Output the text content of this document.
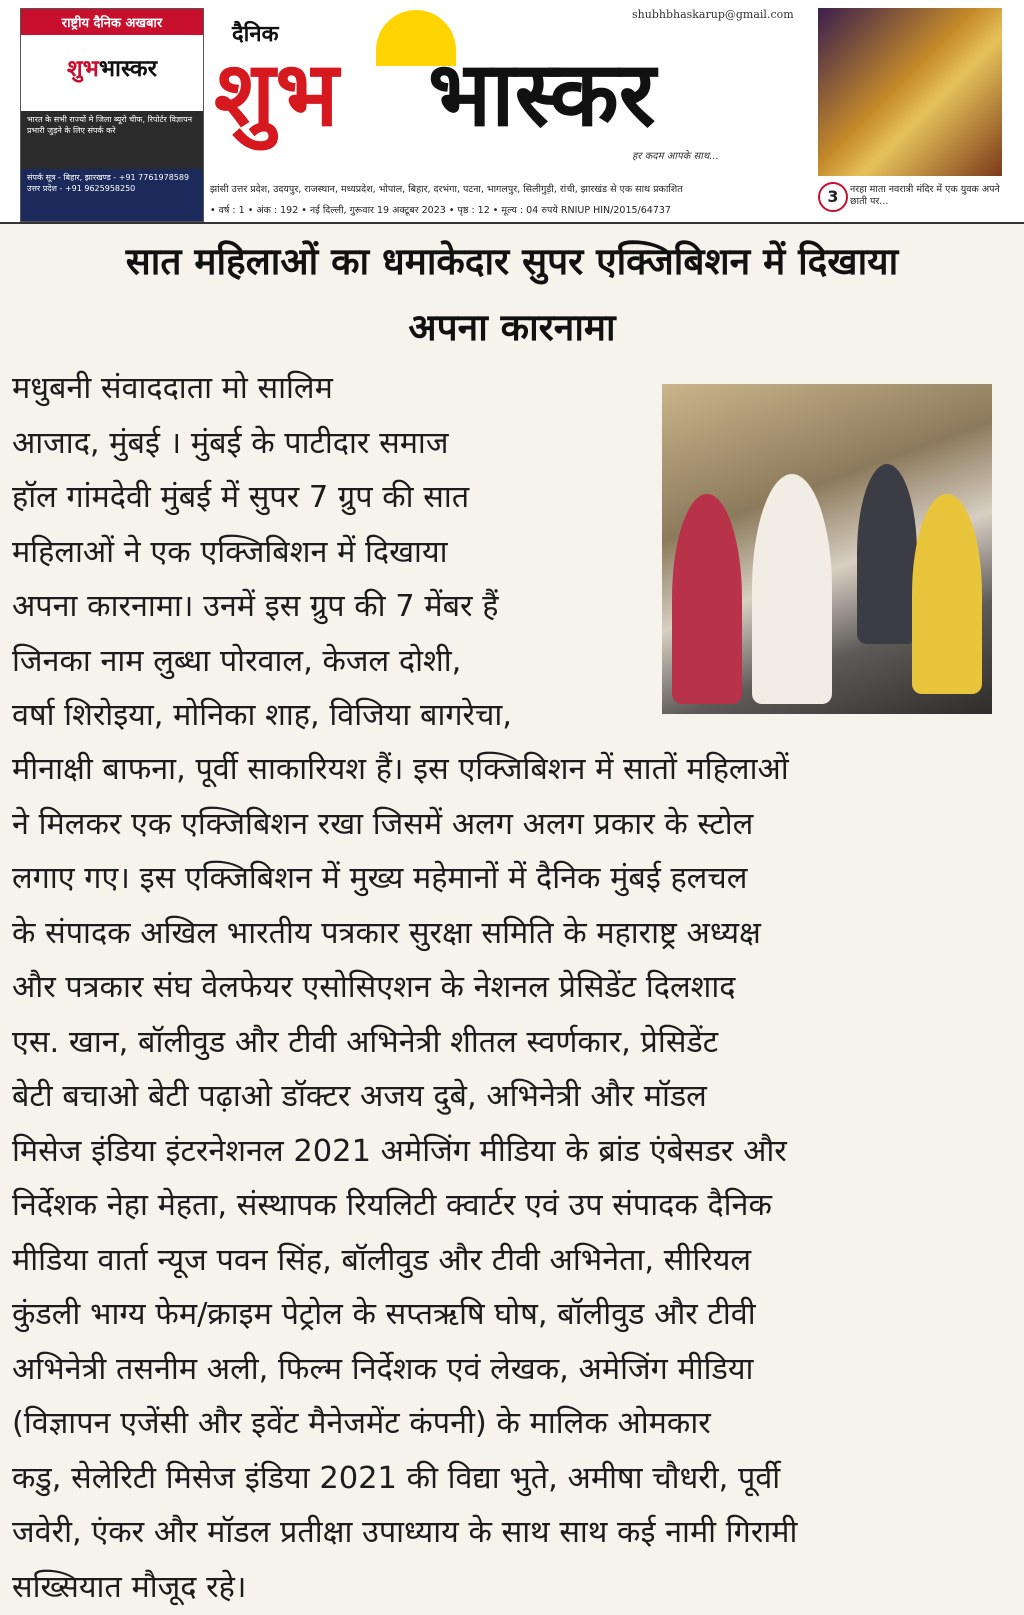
राष्ट्रीय दैनिक अखबार
शुभभास्कर
भारत के सभी राज्यों मे जिला ब्यूरो चीफ, रिपोर्टर विज्ञापन प्रभारी जुड़ने के लिए संपर्क करे
संपर्क सूत्र - बिहार, झारखण्ड - +91 7761978589 उत्तर प्रदेश - +91 9625958250
दैनिक
शुभ भास्कर
shubhbhaskarup@gmail.com
हर कदम आपके साथ...
झांसी उत्तर प्रदेश, उदयपुर, राजस्थान, मध्यप्रदेश, भोपाल, बिहार, दरभंगा, पटना, भागलपुर, सिलीगुड़ी, रांची, झारखंड से एक साथ प्रकाशित
• वर्ष : 1 • अंक : 192 • नई दिल्ली, गुरूवार 19 अक्टूबर 2023 • पृष्ठ : 12 • मूल्य : 04 रुपये RNIUP HIN/2015/64737
3	नरहा माता नवरात्री मंदिर में एक युवक अपने छाती पर...
सात महिलाओं का धमाकेदार सुपर एक्जिबिशन में दिखाया
अपना कारनामा
मधुबनी संवाददाता मो सालिम
आजाद, मुंबई । मुंबई के पाटीदार समाज
हॉल गांमदेवी मुंबई में सुपर 7 ग्रुप की सात
महिलाओं ने एक एक्जिबिशन में दिखाया
अपना कारनामा। उनमें इस ग्रुप की 7 मेंबर हैं
जिनका नाम लुब्धा पोरवाल, केजल दोशी,
वर्षा शिरोइया, मोनिका शाह, विजिया बागरेचा,
मीनाक्षी बाफना, पूर्वी साकारियश हैं। इस एक्जिबिशन में सातों महिलाओं
ने मिलकर एक एक्जिबिशन रखा जिसमें अलग अलग प्रकार के स्टोल
लगाए गए। इस एक्जिबिशन में मुख्य महेमानों में दैनिक मुंबई हलचल
के संपादक अखिल भारतीय पत्रकार सुरक्षा समिति के महाराष्ट्र अध्यक्ष
और पत्रकार संघ वेलफेयर एसोसिएशन के नेशनल प्रेसिडेंट दिलशाद
एस. खान, बॉलीवुड और टीवी अभिनेत्री शीतल स्वर्णकार, प्रेसिडेंट
बेटी बचाओ बेटी पढ़ाओ डॉक्टर अजय दुबे, अभिनेत्री और मॉडल
मिसेज इंडिया इंटरनेशनल 2021 अमेजिंग मीडिया के ब्रांड एंबेसडर और
निर्देशक नेहा मेहता, संस्थापक रियलिटी क्वार्टर एवं उप संपादक दैनिक
मीडिया वार्ता न्यूज पवन सिंह, बॉलीवुड और टीवी अभिनेता, सीरियल
कुंडली भाग्य फेम/क्राइम पेट्रोल के सप्तऋषि घोष, बॉलीवुड और टीवी
अभिनेत्री तसनीम अली, फिल्म निर्देशक एवं लेखक, अमेजिंग मीडिया
(विज्ञापन एजेंसी और इवेंट मैनेजमेंट कंपनी) के मालिक ओमकार
कडु, सेलेरिटी मिसेज इंडिया 2021 की विद्या भुते, अमीषा चौधरी, पूर्वी
जवेरी, एंकर और मॉडल प्रतीक्षा उपाध्याय के साथ साथ कई नामी गिरामी
सख्सियात मौजूद रहे।
